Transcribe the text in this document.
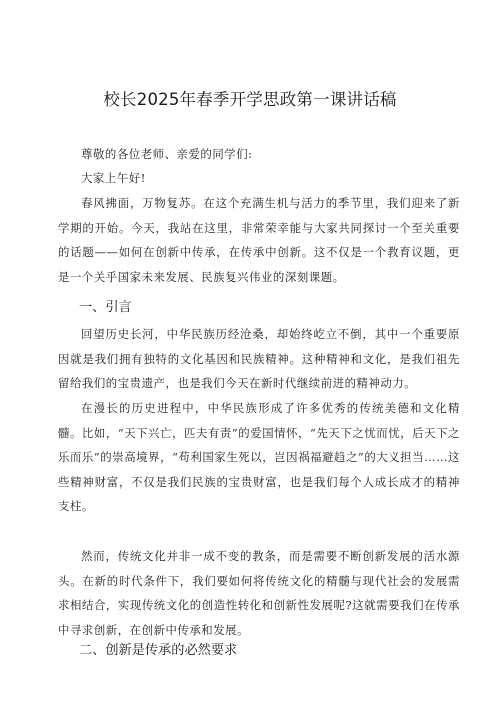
校长2025年春季开学思政第一课讲话稿

尊敬的各位老师、亲爱的同学们:

大家上午好!

春风拂面，万物复苏。在这个充满生机与活力的季节里，我们迎来了新学期的开始。今天，我站在这里，非常荣幸能与大家共同探讨一个至关重要的话题——如何在创新中传承，在传承中创新。这不仅是一个教育议题，更是一个关乎国家未来发展、民族复兴伟业的深刻课题。

一、引言

回望历史长河，中华民族历经沧桑，却始终屹立不倒，其中一个重要原因就是我们拥有独特的文化基因和民族精神。这种精神和文化，是我们祖先留给我们的宝贵遗产，也是我们今天在新时代继续前进的精神动力。

在漫长的历史进程中，中华民族形成了许多优秀的传统美德和文化精髓。比如，“天下兴亡，匹夫有责”的爱国情怀，“先天下之忧而忧，后天下之乐而乐”的崇高境界，“苟利国家生死以，岂因祸福避趋之”的大义担当……这些精神财富，不仅是我们民族的宝贵财富，也是我们每个人成长成才的精神支柱。

然而，传统文化并非一成不变的教条，而是需要不断创新发展的活水源头。在新的时代条件下，我们要如何将传统文化的精髓与现代社会的发展需求相结合，实现传统文化的创造性转化和创新性发展呢?这就需要我们在传承中寻求创新，在创新中传承和发展。

二、创新是传承的必然要求
